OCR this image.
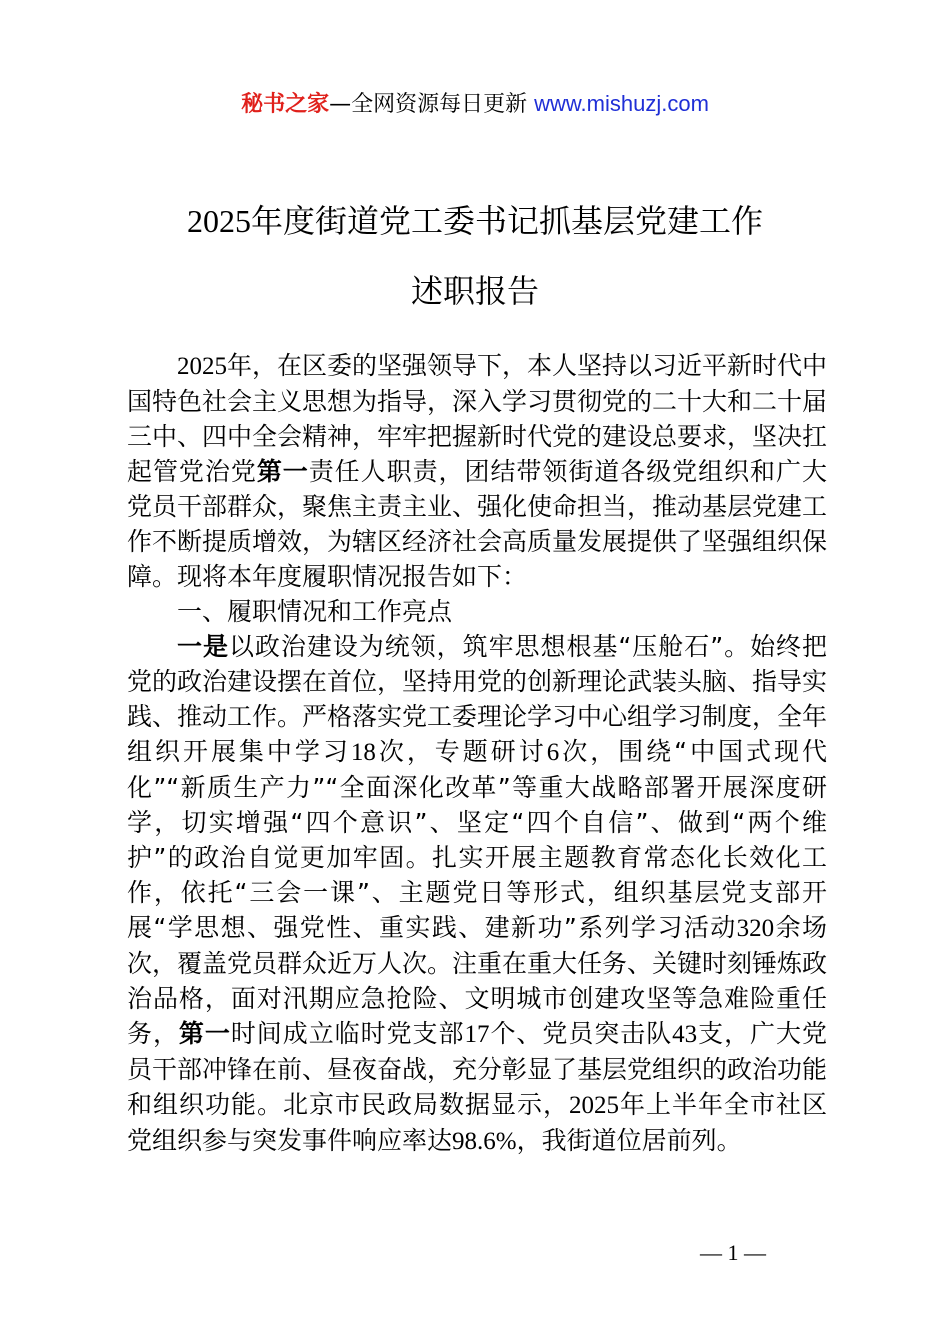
秘书之家—全网资源每日更新 www.mishuzj.com
2025年度街道党工委书记抓基层党建工作
述职报告

2025年，在区委的坚强领导下，本人坚持以习近平新时代中国特色社会主义思想为指导，深入学习贯彻党的二十大和二十届三中、四中全会精神，牢牢把握新时代党的建设总要求，坚决扛起管党治党第一责任人职责，团结带领街道各级党组织和广大党员干部群众，聚焦主责主业、强化使命担当，推动基层党建工作不断提质增效，为辖区经济社会高质量发展提供了坚强组织保障。现将本年度履职情况报告如下：

一、履职情况和工作亮点

一是以政治建设为统领，筑牢思想根基“压舱石”。始终把党的政治建设摆在首位，坚持用党的创新理论武装头脑、指导实践、推动工作。严格落实党工委理论学习中心组学习制度，全年组织开展集中学习18次，专题研讨6次，围绕“中国式现代化”“新质生产力”“全面深化改革”等重大战略部署开展深度研学，切实增强“四个意识”、坚定“四个自信”、做到“两个维护”的政治自觉更加牢固。扎实开展主题教育常态化长效化工作，依托“三会一课”、主题党日等形式，组织基层党支部开展“学思想、强党性、重实践、建新功”系列学习活动320余场次，覆盖党员群众近万人次。注重在重大任务、关键时刻锤炼政治品格，面对汛期应急抢险、文明城市创建攻坚等急难险重任务，第一时间成立临时党支部17个、党员突击队43支，广大党员干部冲锋在前、昼夜奋战，充分彰显了基层党组织的政治功能和组织功能。北京市民政局数据显示，2025年上半年全市社区党组织参与突发事件响应率达98.6%，我街道位居前列。

— 1 —
